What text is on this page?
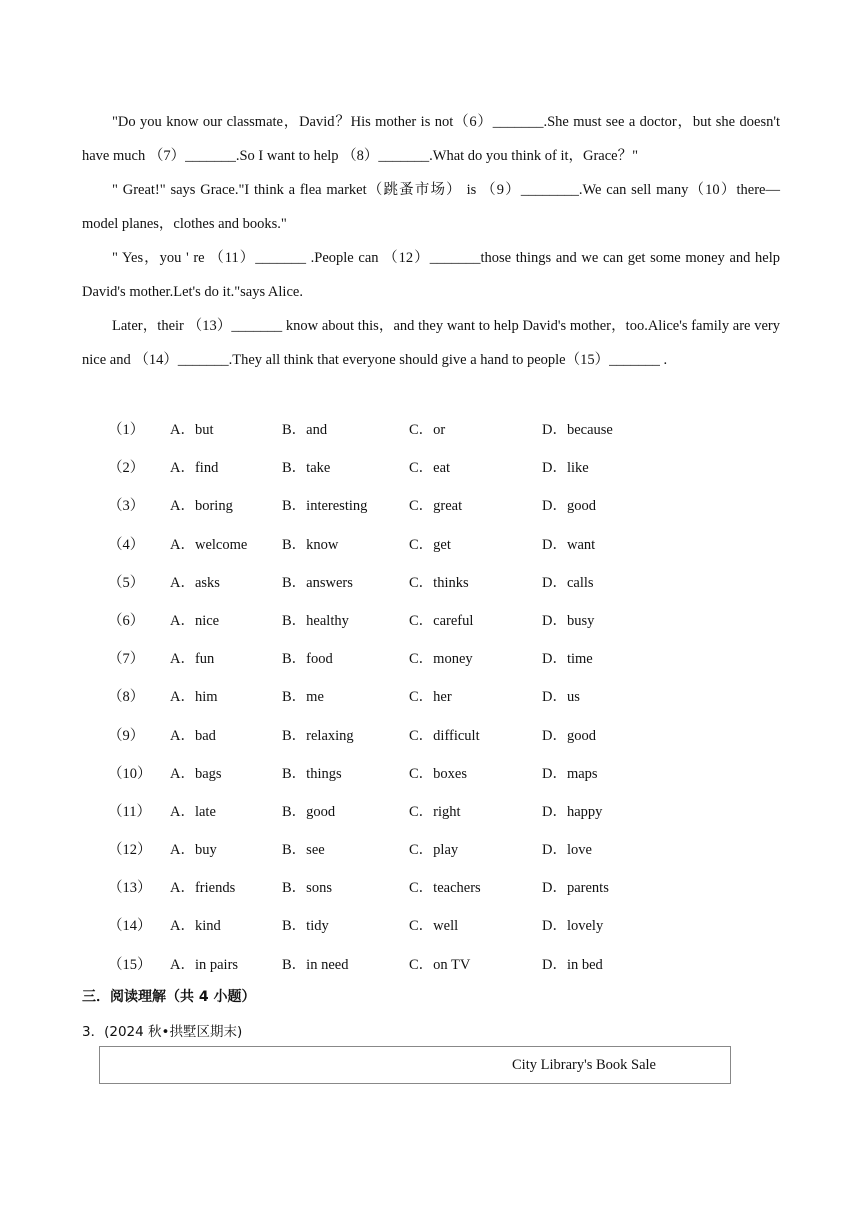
"Do you know our classmate，David？His mother is not（6）_______.She must see a doctor，but she doesn't have much （7）_______.So I want to help （8）_______.What do you think of it，Grace？"

" Great!" says Grace."I think a flea market（跳蚤市场） is （9）________.We can sell many（10）there—model planes，clothes and books."

" Yes，you ' re （11）_______ .People can （12）_______those things and we can get some money and help David's mother.Let's do it."says Alice.

Later，their （13）_______ know about this，and they want to help David's mother，too.Alice's family are very nice and （14）_______.They all think that everyone should give a hand to people（15）_______ .

（1） A．but	B．and	C．or	D．because
（2） A．find	B．take	C．eat	D．like
（3） A．boring	B．interesting	C．great	D．good
（4） A．welcome B．know	C．get	D．want
（5） A．asks	B．answers	C．thinks	D．calls
（6） A．nice	B．healthy	C．careful	D．busy
（7） A．fun	B．food	C．money	D．time
（8） A．him	B．me	C．her	D．us
（9） A．bad	B．relaxing	C．difficult	D．good
（10） A．bags	B．things	C．boxes	D．maps
（11） A．late	B．good	C．right	D．happy
（12） A．buy	B．see	C．play	D．love
（13） A．friends	B．sons	C．teachers	D．parents
（14） A．kind	B．tidy	C．well	D．lovely
（15） A．in pairs	B．in need	C．on TV	D．in bed
三．阅读理解（共 4 小题）
3．(2024 秋•拱墅区期末)
City Library's Book Sale
